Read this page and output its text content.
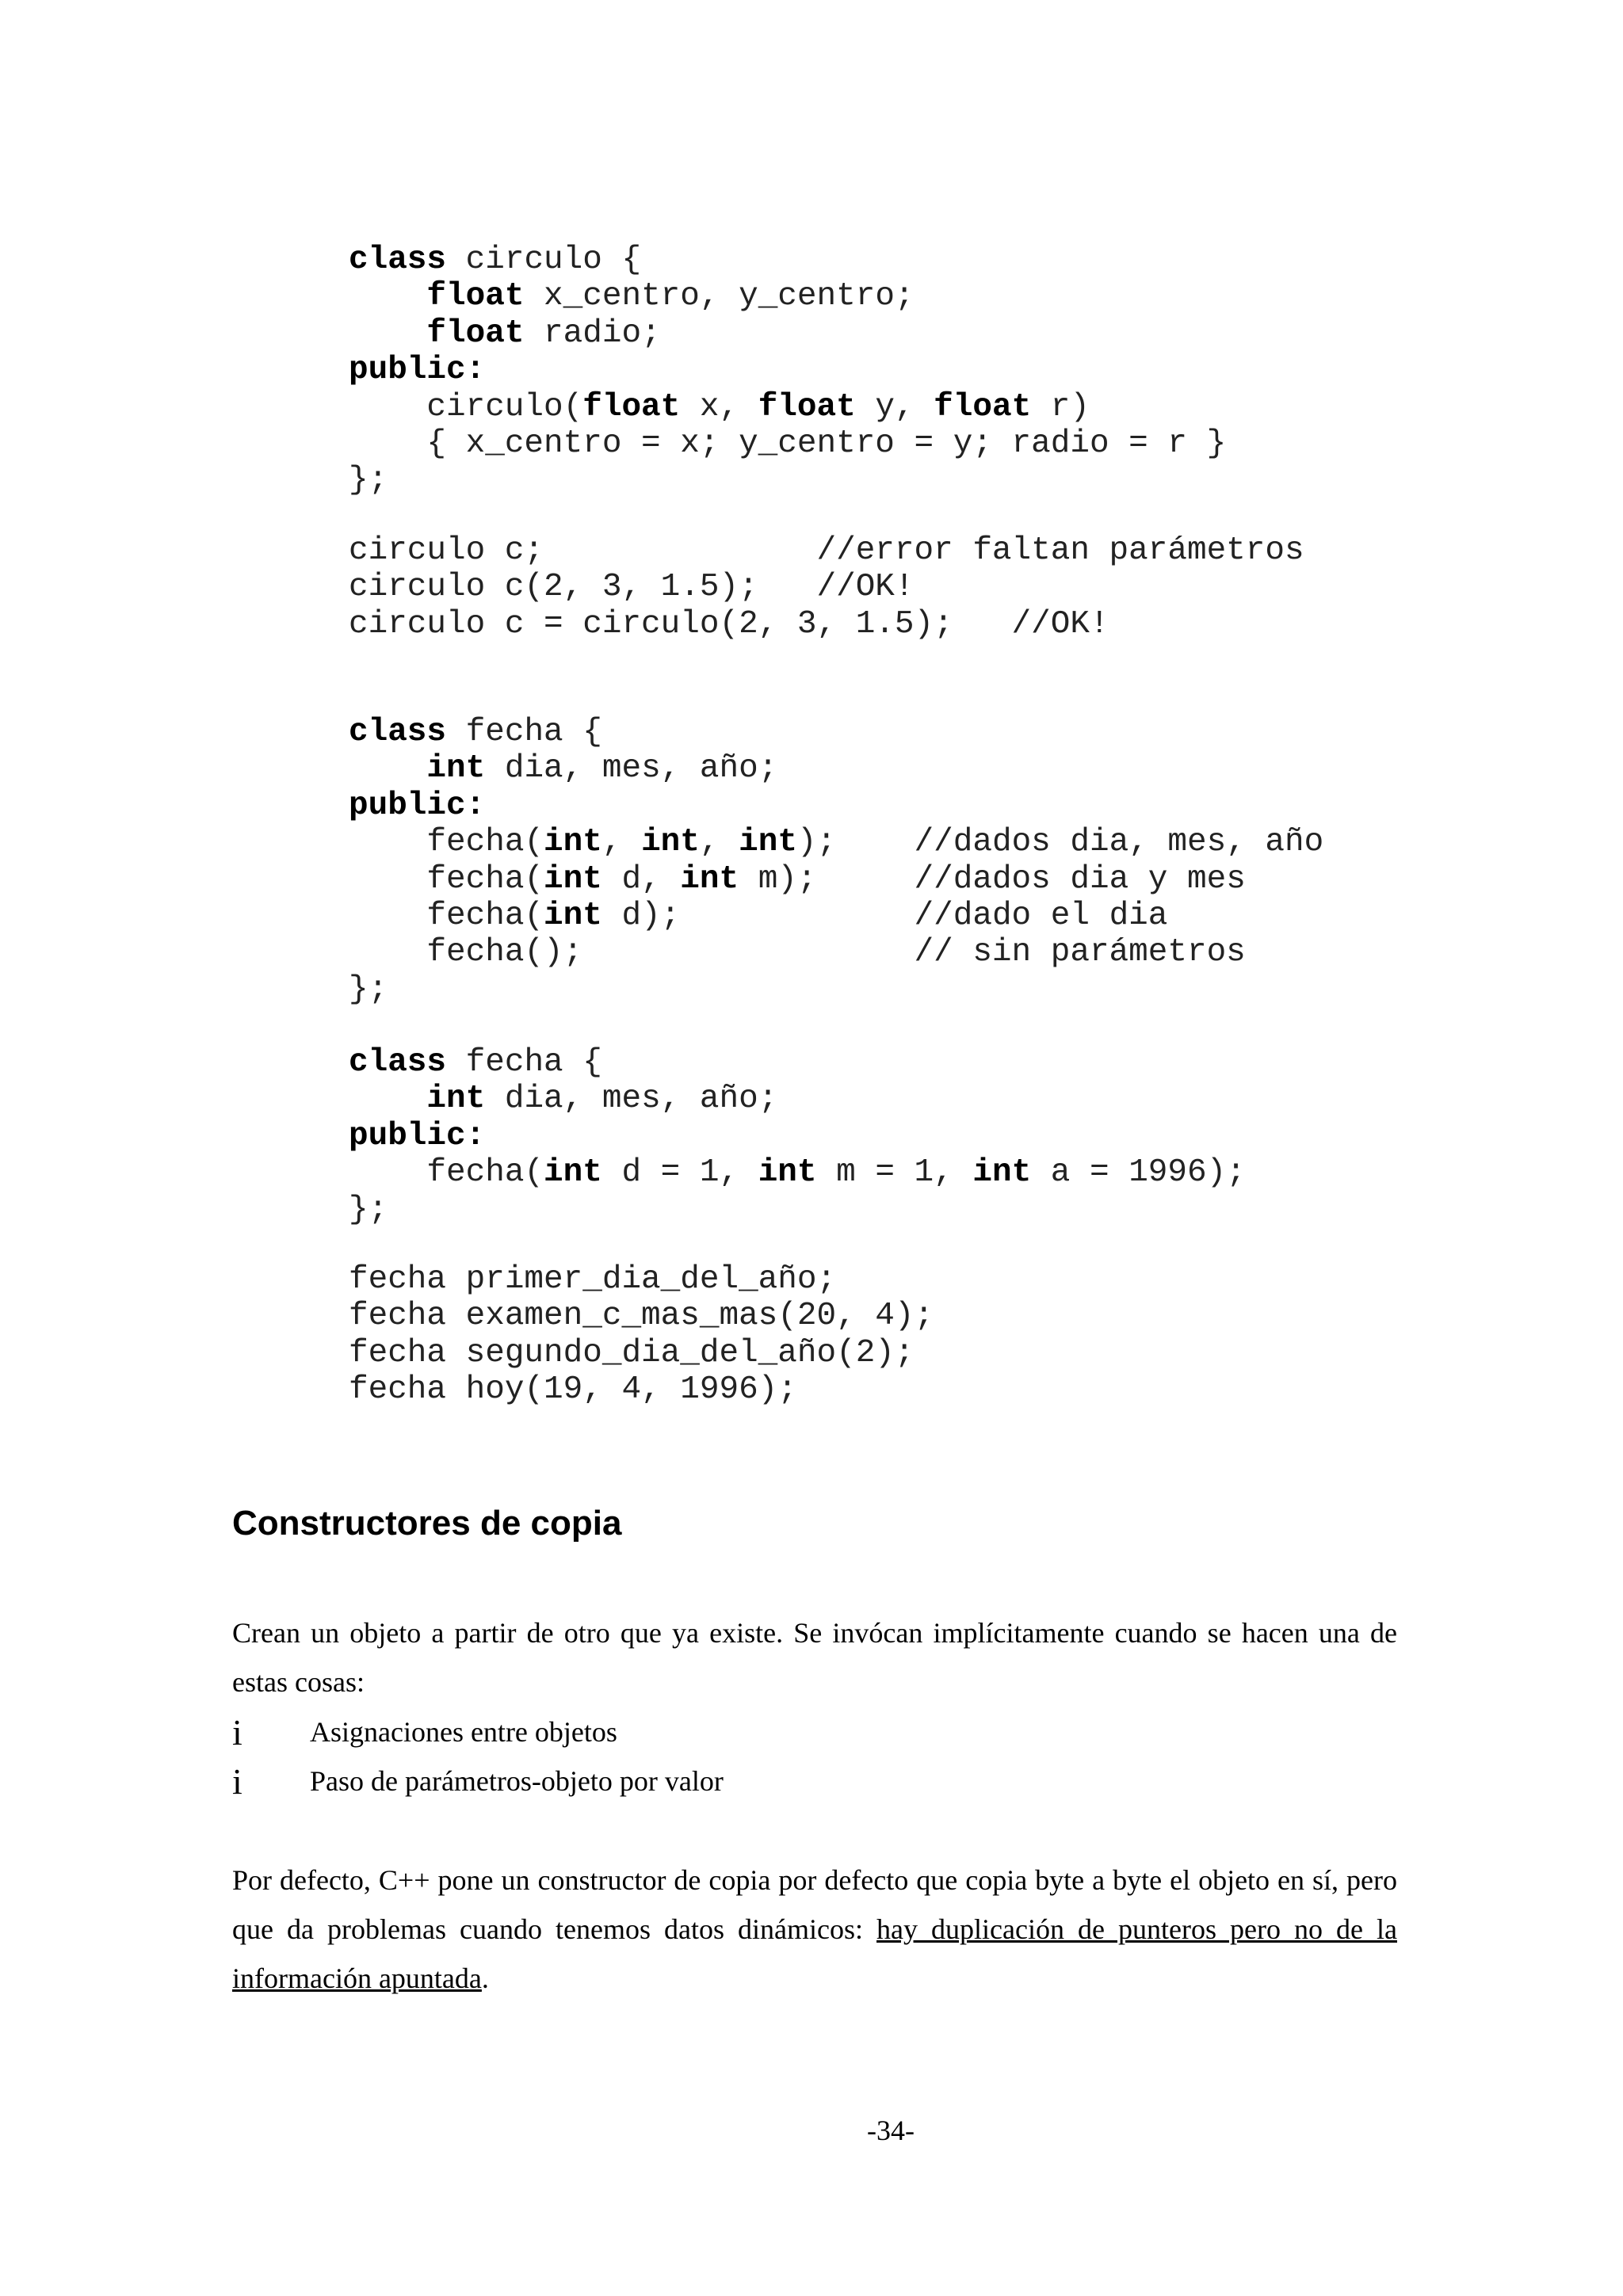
class circulo {
float x_centro, y_centro;
float radio;
public:
circulo(float x, float y, float r)
{ x_centro = x; y_centro = y; radio = r }
};
circulo c;              //error faltan parámetros
circulo c(2, 3, 1.5);   //OK!
circulo c = circulo(2, 3, 1.5);   //OK!
class fecha {
int dia, mes, año;
public:
fecha(int, int, int);    //dados dia, mes, año
fecha(int d, int m);     //dados dia y mes
fecha(int d);            //dado el dia
fecha();                 // sin parámetros
};
class fecha {
int dia, mes, año;
public:
fecha(int d = 1, int m = 1, int a = 1996);
};
fecha primer_dia_del_año;
fecha examen_c_mas_mas(20, 4);
fecha segundo_dia_del_año(2);
fecha hoy(19, 4, 1996);
Constructores de copia

Crean un objeto a partir de otro que ya existe. Se invócan implícitamente cuando se hacen una de estas cosas:

i	Asignaciones entre objetos
i	Paso de parámetros-objeto por valor

Por defecto, C++ pone un constructor de copia por defecto que copia byte a byte el objeto en sí, pero que da problemas cuando tenemos datos dinámicos: hay duplicación de punteros pero no de la información apuntada.

-34-
